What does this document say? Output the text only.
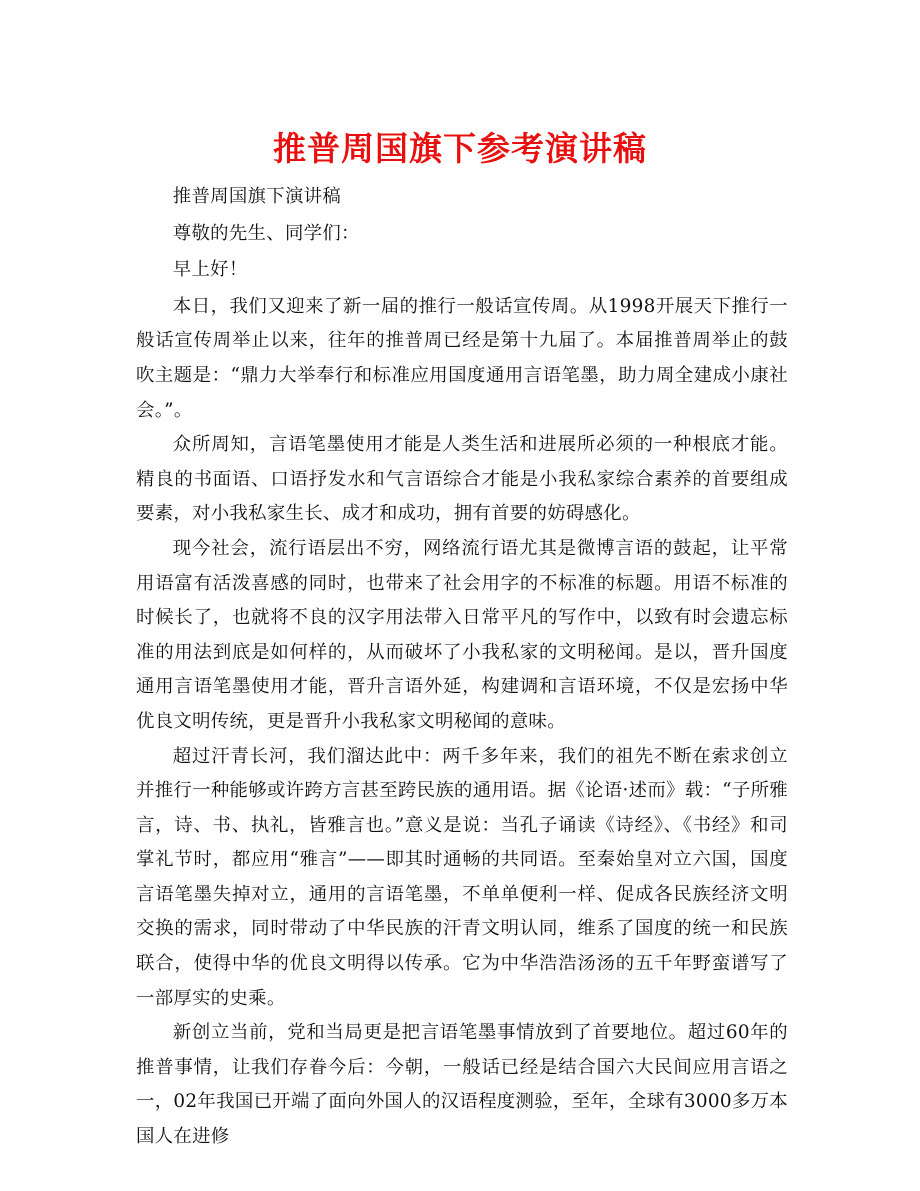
推普周国旗下参考演讲稿

推普周国旗下演讲稿

尊敬的先生、同学们：

早上好！

本日，我们又迎来了新一届的推行一般话宣传周。从1998开展天下推行一般话宣传周举止以来，往年的推普周已经是第十九届了。本届推普周举止的鼓吹主题是：“鼎力大举奉行和标准应用国度通用言语笔墨，助力周全建成小康社会。”。

众所周知，言语笔墨使用才能是人类生活和进展所必须的一种根底才能。精良的书面语、口语抒发水和气言语综合才能是小我私家综合素养的首要组成要素，对小我私家生长、成才和成功，拥有首要的妨碍感化。

现今社会，流行语层出不穷，网络流行语尤其是微博言语的鼓起，让平常用语富有活泼喜感的同时，也带来了社会用字的不标准的标题。用语不标准的时候长了，也就将不良的汉字用法带入日常平凡的写作中，以致有时会遗忘标准的用法到底是如何样的，从而破坏了小我私家的文明秘闻。是以，晋升国度通用言语笔墨使用才能，晋升言语外延，构建调和言语环境，不仅是宏扬中华优良文明传统，更是晋升小我私家文明秘闻的意味。

超过汗青长河，我们溜达此中：两千多年来，我们的祖先不断在索求创立并推行一种能够或许跨方言甚至跨民族的通用语。据《论语·述而》载：“子所雅言，诗、书、执礼，皆雅言也。”意义是说：当孔子诵读《诗经》、《书经》和司掌礼节时，都应用“雅言”——即其时通畅的共同语。至秦始皇对立六国，国度言语笔墨失掉对立，通用的言语笔墨，不单单便利一样、促成各民族经济文明交换的需求，同时带动了中华民族的汗青文明认同，维系了国度的统一和民族联合，使得中华的优良文明得以传承。它为中华浩浩汤汤的五千年野蛮谱写了一部厚实的史乘。

新创立当前，党和当局更是把言语笔墨事情放到了首要地位。超过60年的推普事情，让我们存眷今后：今朝，一般话已经是结合国六大民间应用言语之一，02年我国已开端了面向外国人的汉语程度测验，至年，全球有3000多万本国人在进修
